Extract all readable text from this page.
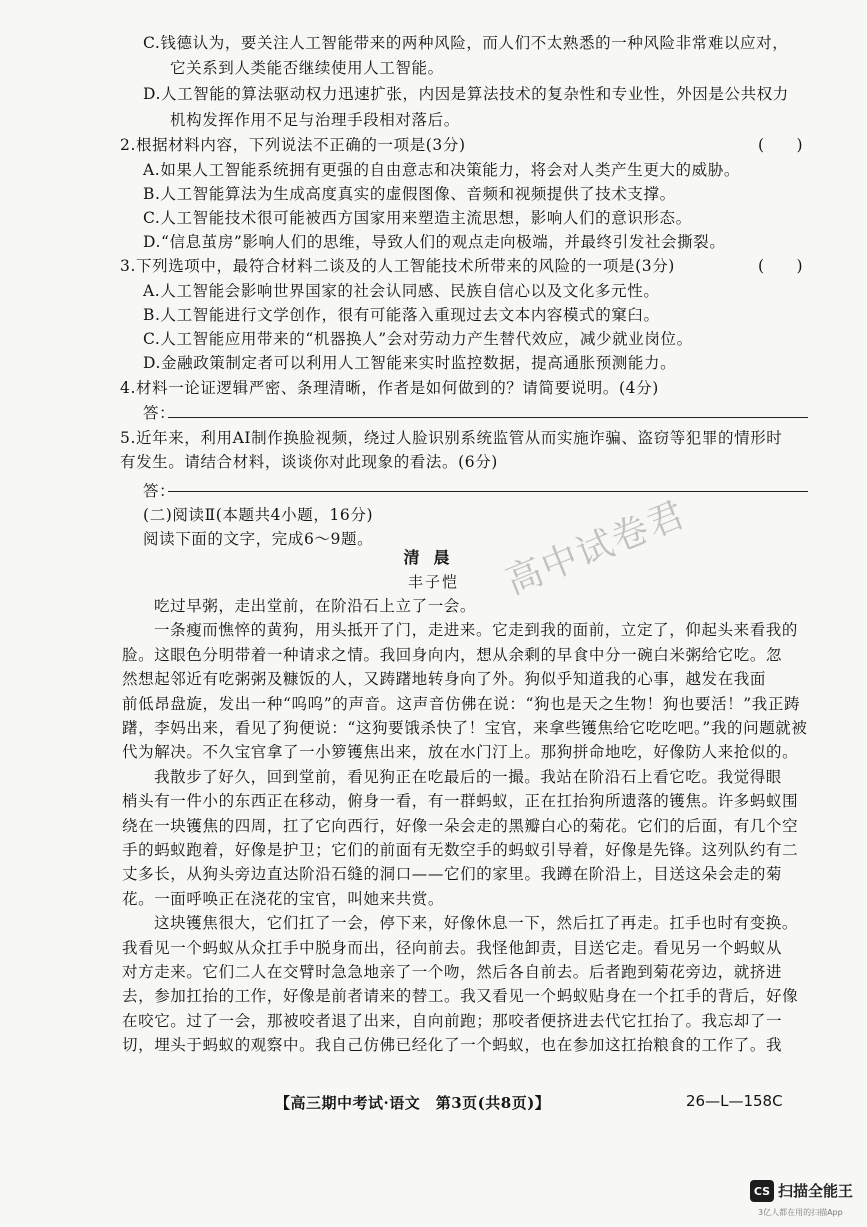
C.钱德认为，要关注人工智能带来的两种风险，而人们不太熟悉的一种风险非常难以应对，
它关系到人类能否继续使用人工智能。
D.人工智能的算法驱动权力迅速扩张，内因是算法技术的复杂性和专业性，外因是公共权力
机构发挥作用不足与治理手段相对落后。
2.根据材料内容，下列说法不正确的一项是(3分)
A.如果人工智能系统拥有更强的自由意志和决策能力，将会对人类产生更大的威胁。
B.人工智能算法为生成高度真实的虚假图像、音频和视频提供了技术支撑。
C.人工智能技术很可能被西方国家用来塑造主流思想，影响人们的意识形态。
D.“信息茧房”影响人们的思维，导致人们的观点走向极端，并最终引发社会撕裂。
3.下列选项中，最符合材料二谈及的人工智能技术所带来的风险的一项是(3分)
A.人工智能会影响世界国家的社会认同感、民族自信心以及文化多元性。
B.人工智能进行文学创作，很有可能落入重现过去文本内容模式的窠臼。
C.人工智能应用带来的“机器换人”会对劳动力产生替代效应，减少就业岗位。
D.金融政策制定者可以利用人工智能来实时监控数据，提高通胀预测能力。
4.材料一论证逻辑严密、条理清晰，作者是如何做到的？请简要说明。(4分)
答：
5.近年来，利用AI制作换脸视频，绕过人脸识别系统监管从而实施诈骗、盗窃等犯罪的情形时
有发生。请结合材料，谈谈你对此现象的看法。(6分)
答：
(二)阅读Ⅱ(本题共4小题，16分)
阅读下面的文字，完成6～9题。
(　　)
(　　)
清晨
丰子恺
吃过早粥，走出堂前，在阶沿石上立了一会。
一条瘦而憔悴的黄狗，用头抵开了门，走进来。它走到我的面前，立定了，仰起头来看我的
脸。这眼色分明带着一种请求之情。我回身向内，想从余剩的早食中分一碗白米粥给它吃。忽
然想起邻近有吃粥粥及糠饭的人，又踌躇地转身向了外。狗似乎知道我的心事，越发在我面
前低昂盘旋，发出一种“呜呜”的声音。这声音仿佛在说：“狗也是天之生物！狗也要活！”我正踌
躇，李妈出来，看见了狗便说：“这狗要饿杀快了！宝官，来拿些镬焦给它吃吃吧。”我的问题就被
代为解决。不久宝官拿了一小箩镬焦出来，放在水门汀上。那狗拼命地吃，好像防人来抢似的。
我散步了好久，回到堂前，看见狗正在吃最后的一撮。我站在阶沿石上看它吃。我觉得眼
梢头有一件小的东西正在移动，俯身一看，有一群蚂蚁，正在扛抬狗所遗落的镬焦。许多蚂蚁围
绕在一块镬焦的四周，扛了它向西行，好像一朵会走的黑瓣白心的菊花。它们的后面，有几个空
手的蚂蚁跑着，好像是护卫；它们的前面有无数空手的蚂蚁引导着，好像是先锋。这列队约有二
丈多长，从狗头旁边直达阶沿石缝的洞口——它们的家里。我蹲在阶沿上，目送这朵会走的菊
花。一面呼唤正在浇花的宝官，叫她来共赏。
这块镬焦很大，它们扛了一会，停下来，好像休息一下，然后扛了再走。扛手也时有变换。
我看见一个蚂蚁从众扛手中脱身而出，径向前去。我怪他卸责，目送它走。看见另一个蚂蚁从
对方走来。它们二人在交臂时急急地亲了一个吻，然后各自前去。后者跑到菊花旁边，就挤进
去，参加扛抬的工作，好像是前者请来的替工。我又看见一个蚂蚁贴身在一个扛手的背后，好像
在咬它。过了一会，那被咬者退了出来，自向前跑；那咬者便挤进去代它扛抬了。我忘却了一
切，埋头于蚂蚁的观察中。我自己仿佛已经化了一个蚂蚁，也在参加这扛抬粮食的工作了。我
高中试卷君
【高三期中考试·语文　第3页(共8页)】	26—L—158C
CS 扫描全能王
3亿人都在用的扫描App
